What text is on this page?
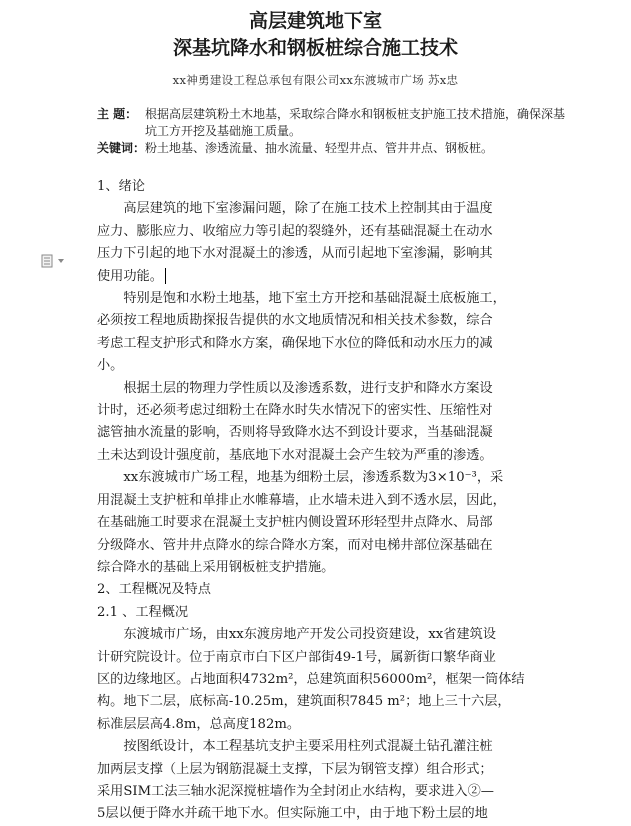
高层建筑地下室
深基坑降水和钢板桩综合施工技术
xx神勇建设工程总承包有限公司xx东渡城市广场 苏x忠
主 题： 根据高层建筑粉土木地基，采取综合降水和钢板桩支护施工技术措施，确保深基坑工方开挖及基础施工质量。
关键词：粉土地基、渗透流量、抽水流量、轻型井点、管井井点、钢板桩。

1、绪论

　　高层建筑的地下室渗漏问题，除了在施工技术上控制其由于温度

应力、膨胀应力、收缩应力等引起的裂缝外，还有基础混凝土在动水

压力下引起的地下水对混凝土的渗透，从而引起地下室渗漏，影响其

使用功能。

　　特别是饱和水粉土地基，地下室土方开挖和基础混凝土底板施工，

必须按工程地质勘探报告提供的水文地质情况和相关技术参数，综合

考虑工程支护形式和降水方案，确保地下水位的降低和动水压力的减

小。

　　根据土层的物理力学性质以及渗透系数，进行支护和降水方案设

计时，还必须考虑过细粉土在降水时失水情况下的密实性、压缩性对

滤管抽水流量的影响，否则将导致降水达不到设计要求，当基础混凝

土未达到设计强度前，基底地下水对混凝土会产生较为严重的渗透。

　　xx东渡城市广场工程，地基为细粉土层，渗透系数为3×10⁻³，采

用混凝土支护桩和单排止水帷幕墙，止水墙未进入到不透水层，因此，

在基础施工时要求在混凝土支护桩内侧设置环形轻型井点降水、局部

分级降水、管井井点降水的综合降水方案，而对电梯井部位深基础在

综合降水的基础上采用钢板桩支护措施。

2、工程概况及特点

2.1 、工程概况

　　东渡城市广场，由xx东渡房地产开发公司投资建设，xx省建筑设

计研究院设计。位于南京市白下区户部街49-1号，属新街口繁华商业

区的边缘地区。占地面积4732m²，总建筑面积56000m²，框架一筒体结

构。地下二层，底标高-10.25m，建筑面积7845 m²；地上三十六层，

标准层层高4.8m，总高度182m。

　　按图纸设计，本工程基坑支护主要采用柱列式混凝土钻孔灌注桩

加两层支撑（上层为钢筋混凝土支撑，下层为钢管支撑）组合形式；

采用SIM工法三轴水泥深搅桩墙作为全封闭止水结构，要求进入②—

5层以便于降水并疏干地下水。但实际施工中，由于地下粉土层的地
